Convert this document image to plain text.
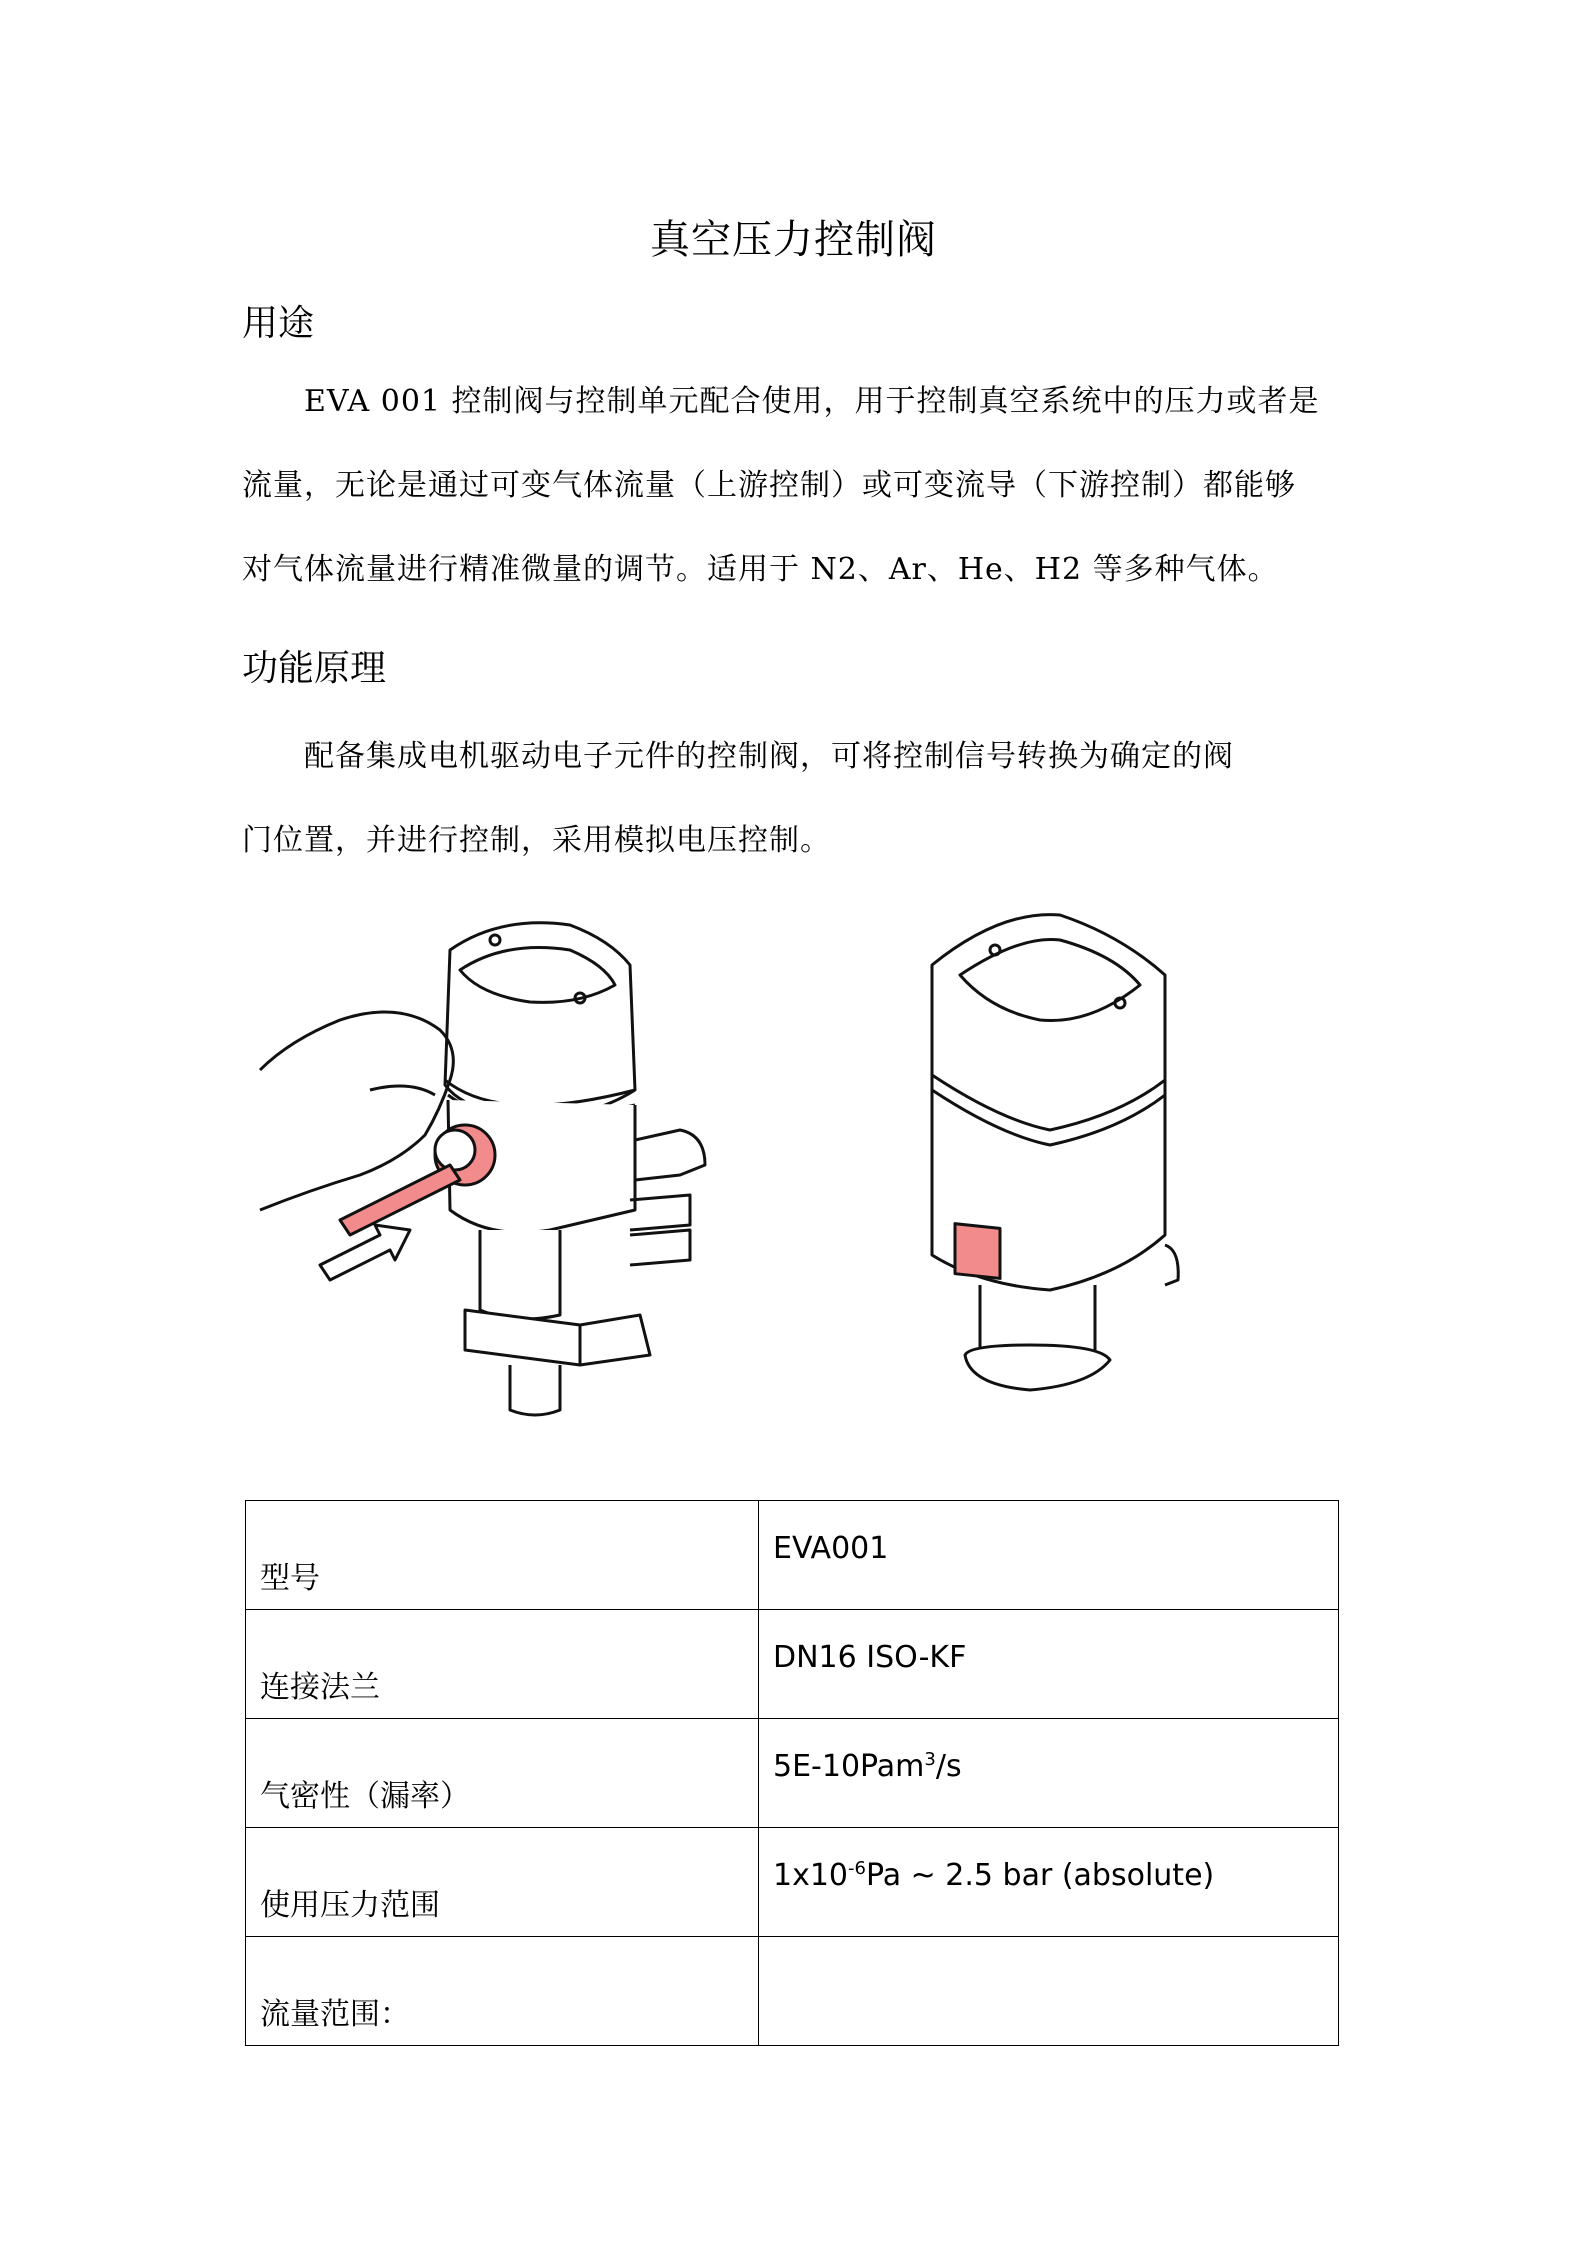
真空压力控制阀
用途
EVA 001 控制阀与控制单元配合使用，用于控制真空系统中的压力或者是
流量，无论是通过可变气体流量（上游控制）或可变流导（下游控制）都能够
对气体流量进行精准微量的调节。适用于 N2、Ar、He、H2 等多种气体。
功能原理
配备集成电机驱动电子元件的控制阀，可将控制信号转换为确定的阀
门位置，并进行控制，采用模拟电压控制。
型号	EVA001

连接法兰	DN16 ISO-KF

气密性（漏率）	5E-10Pam$^3$/s

使用压力范围	$1x10^{-6}Pa$ ~ 2.5 bar (absolute)

流量范围：	
